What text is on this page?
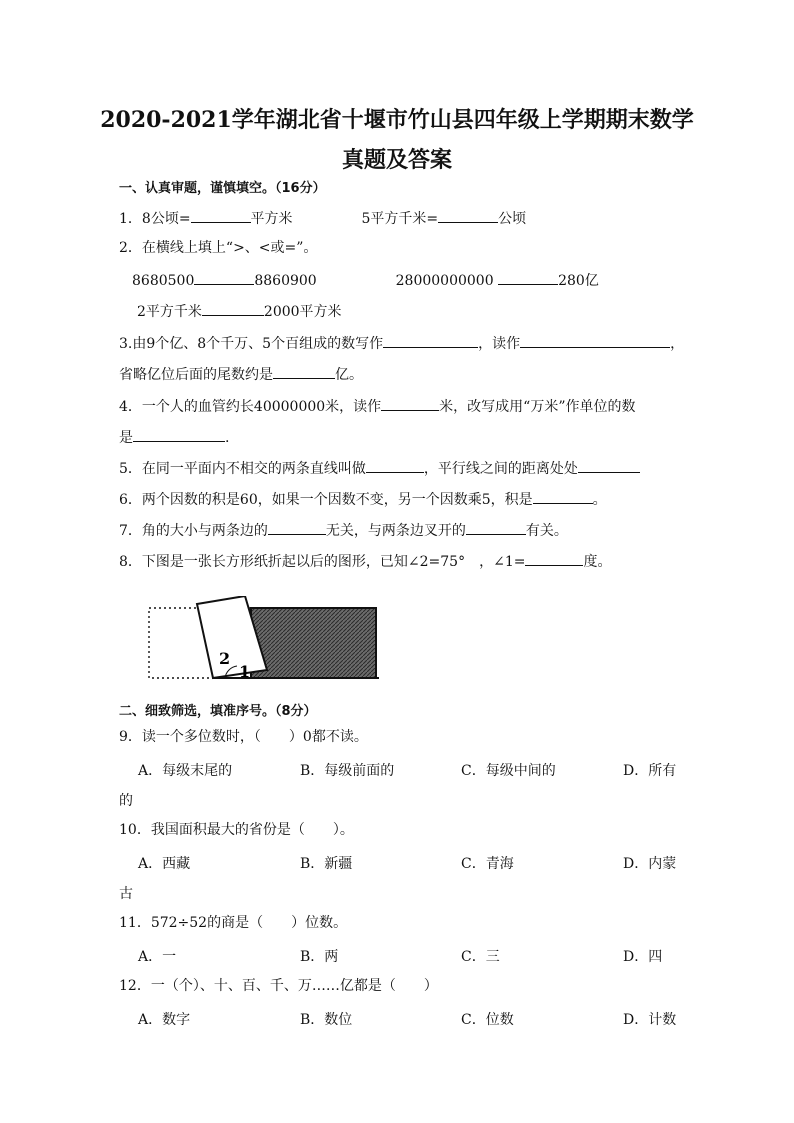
2020-2021学年湖北省十堰市竹山县四年级上学期期末数学
真题及答案
一、认真审题，谨慎填空。（16分）
1．8公顷=	平方米	5平方千米=	公顷
2．在横线上填上“>、<或=”。
8680500	8860900	28000000000	280亿
2平方千米	2000平方米
3.由9个亿、8个千万、5个百组成的数写作	，读作	，
省略亿位后面的尾数约是	亿。
4．一个人的血管约长40000000米，读作	米，改写成用“万米”作单位的数
是	.
5．在同一平面内不相交的两条直线叫做	，平行线之间的距离处处
6．两个因数的积是60，如果一个因数不变，另一个因数乘5，积是	。
7．角的大小与两条边的	无关，与两条边叉开的	有关。
8．下图是一张长方形纸折起以后的图形，已知∠2=75°　，∠1=	度。
2
1
二、细致筛选，填准序号。（8分）
9．读一个多位数时，（　　）0都不读。
A．每级末尾的	B．每级前面的	C．每级中间的	D．所有
的
10．我国面积最大的省份是（　　）。
A．西藏	B．新疆	C．青海	D．内蒙
古
11．572÷52的商是（　　）位数。
A．一	B．两	C．三	D．四
12．一（个）、十、百、千、万……亿都是（　　）
A．数字	B．数位	C．位数	D．计数
